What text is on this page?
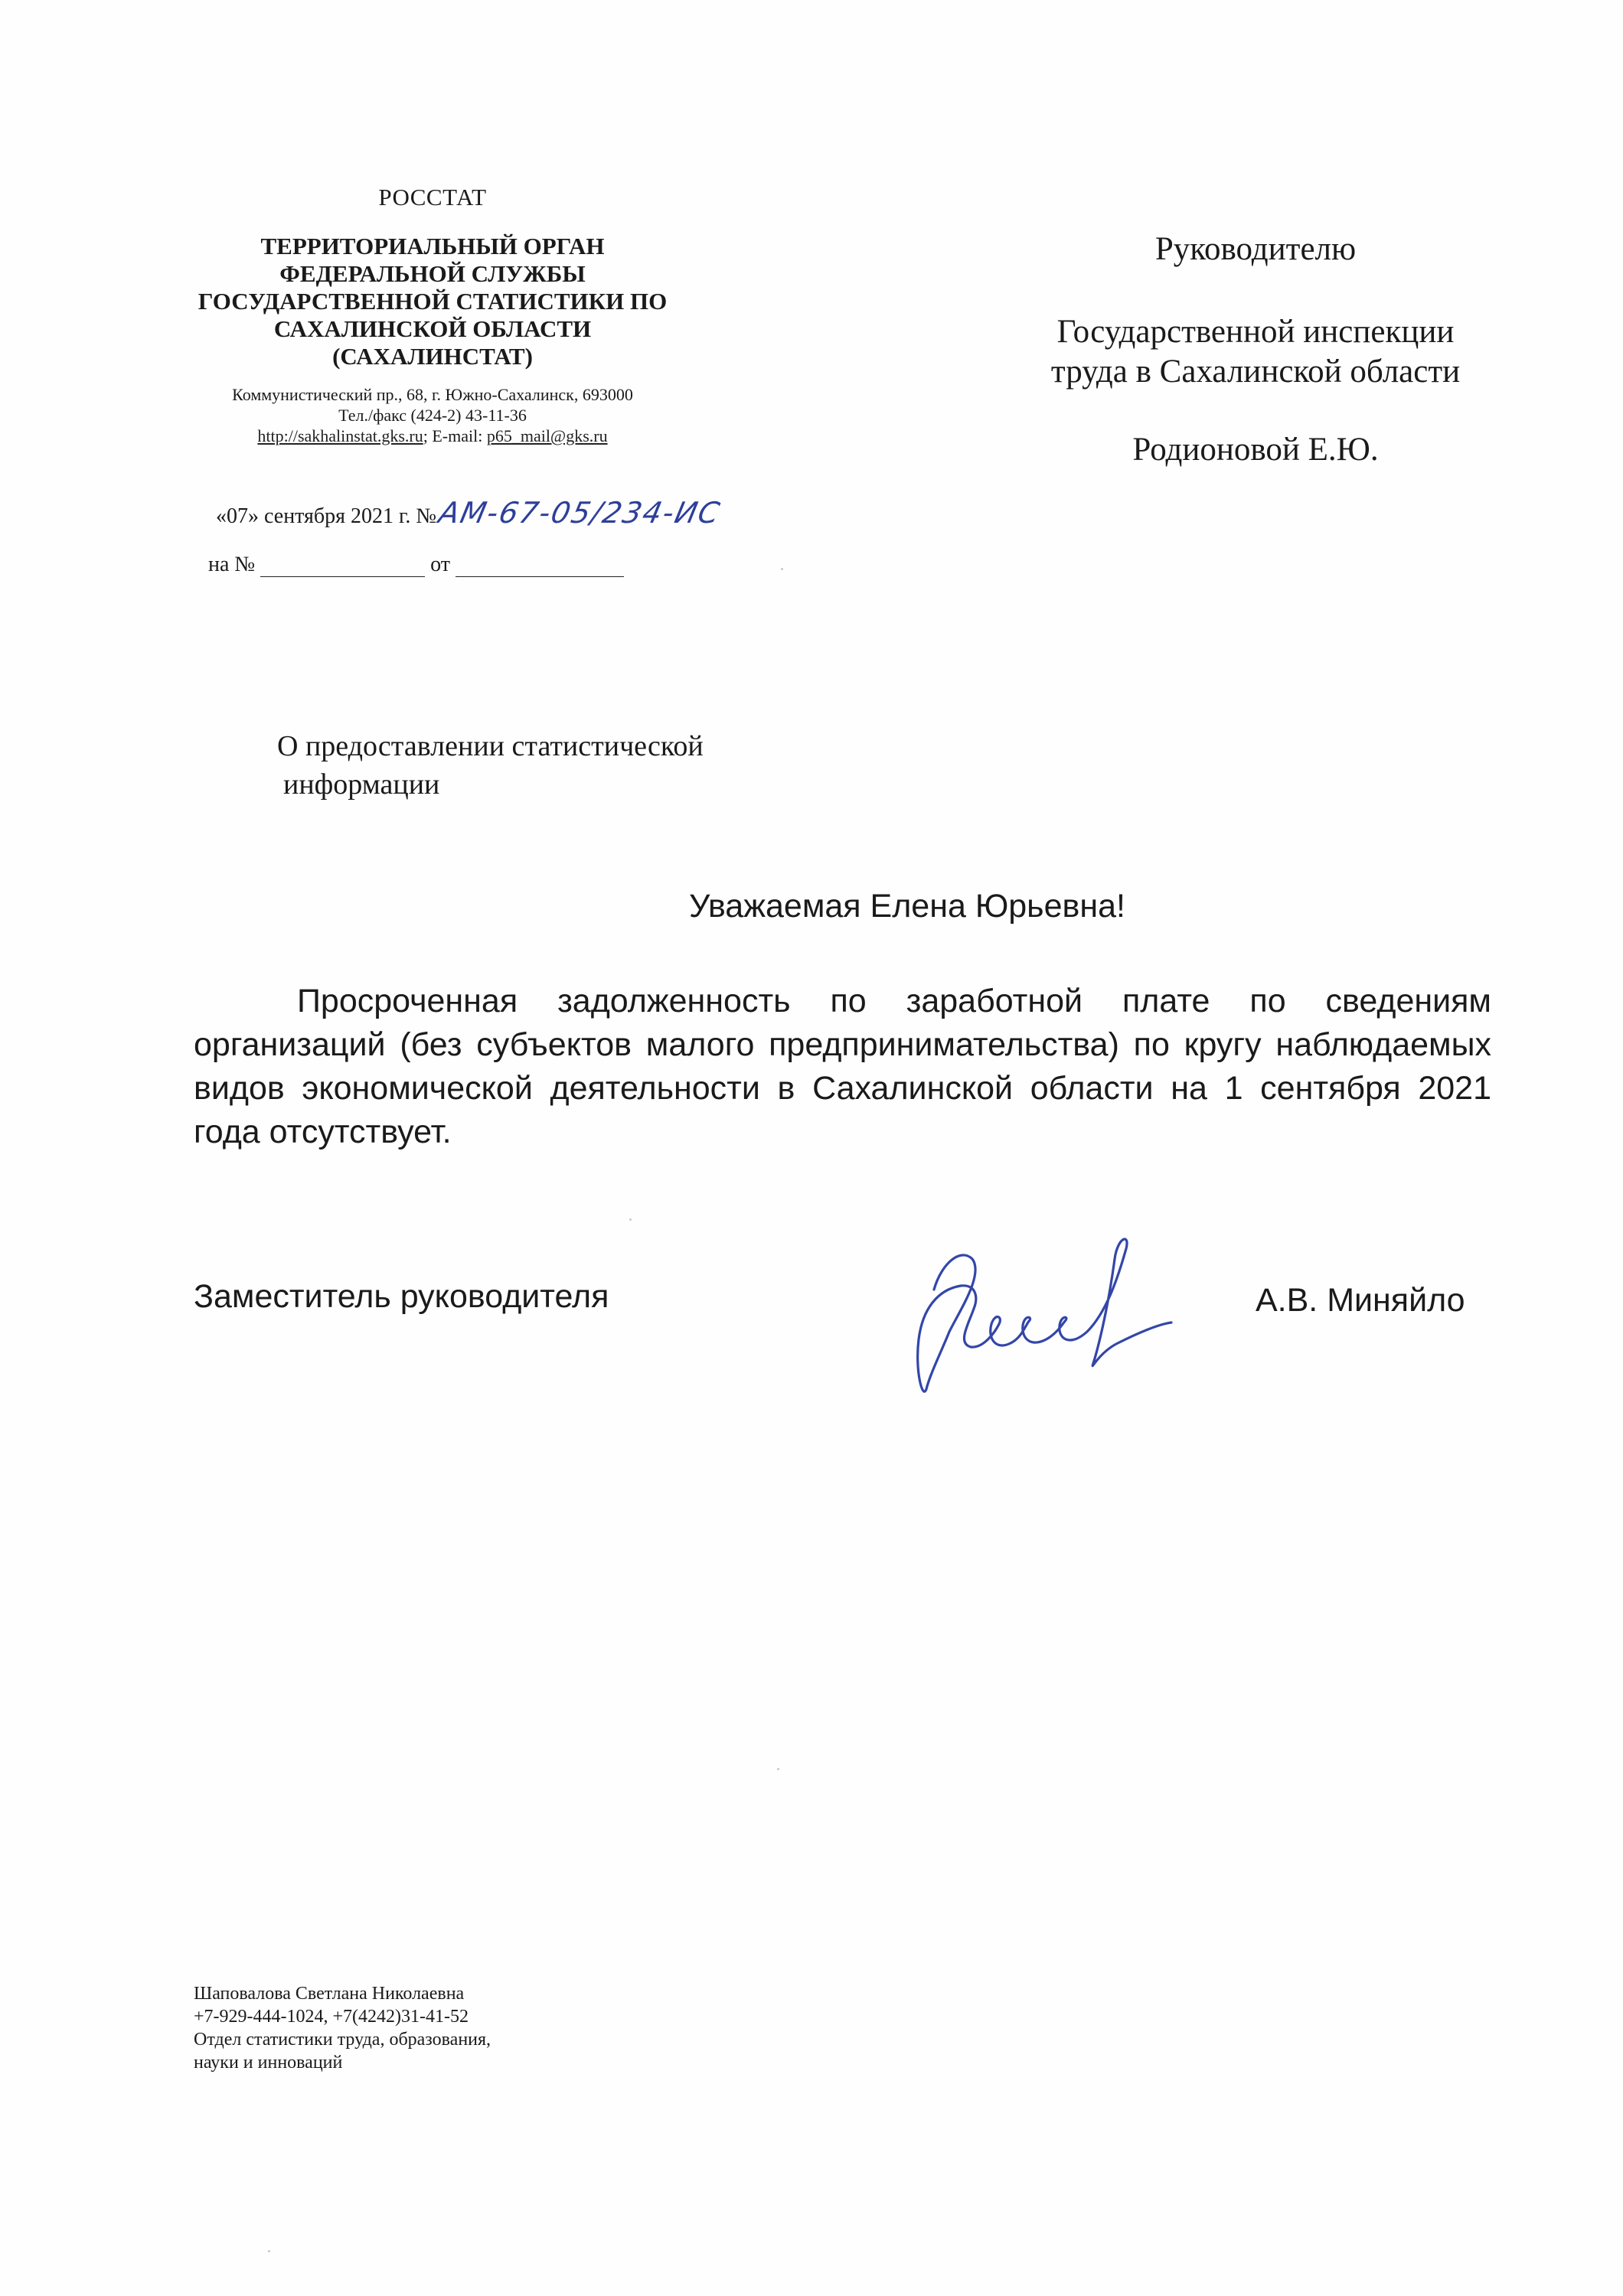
РОССТАТ
ТЕРРИТОРИАЛЬНЫЙ ОРГАН
ФЕДЕРАЛЬНОЙ СЛУЖБЫ
ГОСУДАРСТВЕННОЙ СТАТИСТИКИ ПО
САХАЛИНСКОЙ ОБЛАСТИ
(САХАЛИНСТАТ)
Коммунистический пр., 68, г. Южно-Сахалинск, 693000
Тел./факс (424-2) 43-11-36
http://sakhalinstat.gks.ru; E-mail: p65_mail@gks.ru
«07» сентября 2021 г. №АМ-67-05/234-ИС
на №	от
Руководителю
Государственной инспекции
труда в Сахалинской области
Родионовой Е.Ю.
О предоставлении статистической
информации
Уважаемая Елена Юрьевна!
Просроченная задолженность по заработной плате по сведениям организаций (без субъектов малого предпринимательства) по кругу наблюдаемых видов экономической деятельности в Сахалинской области на 1 сентября 2021 года отсутствует.
Заместитель руководителя	А.В. Миняйло
Шаповалова Светлана Николаевна
+7-929-444-1024, +7(4242)31-41-52
Отдел статистики труда, образования,
науки и инноваций
